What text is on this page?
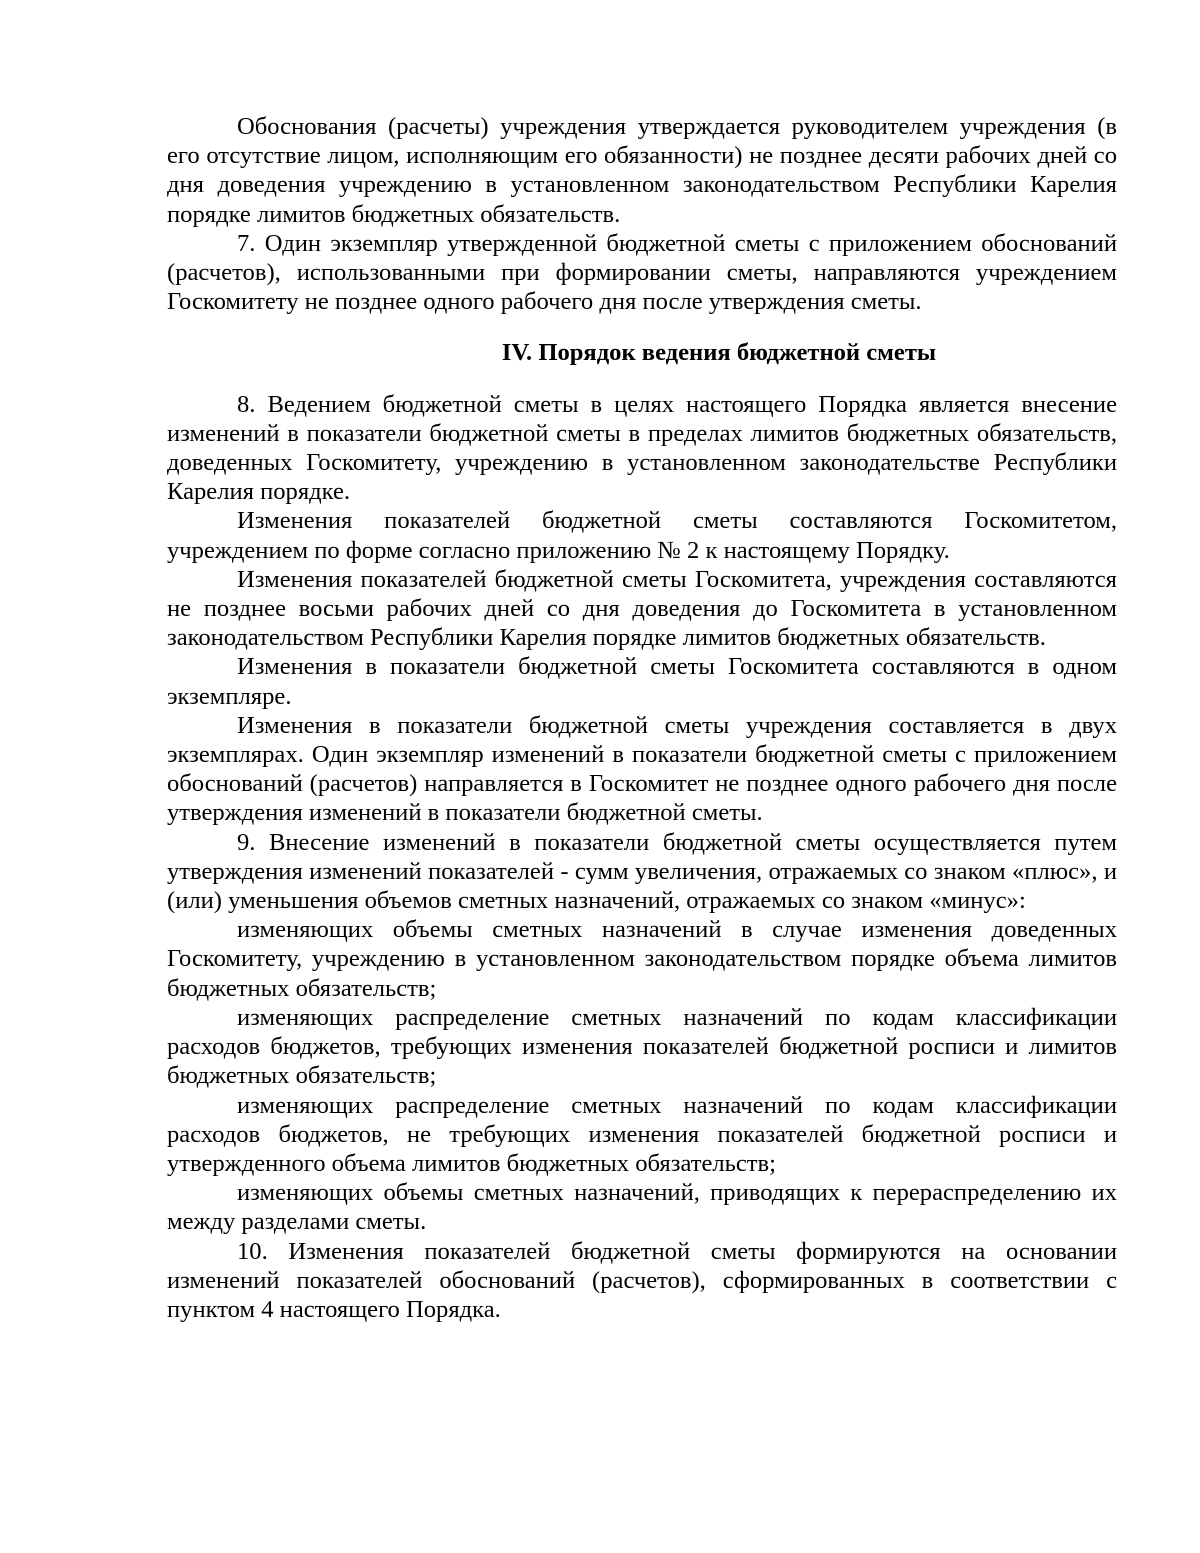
Обоснования (расчеты) учреждения утверждается руководителем учреждения (в его отсутствие лицом, исполняющим его обязанности) не позднее десяти рабочих дней со дня доведения учреждению в установленном законодательством Республики Карелия порядке лимитов бюджетных обязательств.

7. Один экземпляр утвержденной бюджетной сметы с приложением обоснований (расчетов), использованными при формировании сметы, направляются учреждением Госкомитету не позднее одного рабочего дня после утверждения сметы.

IV. Порядок ведения бюджетной сметы

8. Ведением бюджетной сметы в целях настоящего Порядка является внесение изменений в показатели бюджетной сметы в пределах лимитов бюджетных обязательств, доведенных Госкомитету, учреждению в установленном законодательстве Республики Карелия порядке.

Изменения показателей бюджетной сметы составляются Госкомитетом, учреждением по форме согласно приложению № 2 к настоящему Порядку.

Изменения показателей бюджетной сметы Госкомитета, учреждения составляются не позднее восьми рабочих дней со дня доведения до Госкомитета в установленном законодательством Республики Карелия порядке лимитов бюджетных обязательств.

Изменения в показатели бюджетной сметы Госкомитета составляются в одном экземпляре.

Изменения в показатели бюджетной сметы учреждения составляется в двух экземплярах. Один экземпляр изменений в показатели бюджетной сметы с приложением обоснований (расчетов) направляется в Госкомитет не позднее одного рабочего дня после утверждения изменений в показатели бюджетной сметы.

9. Внесение изменений в показатели бюджетной сметы осуществляется путем утверждения изменений показателей - сумм увеличения, отражаемых со знаком «плюс», и (или) уменьшения объемов сметных назначений, отражаемых со знаком «минус»:

изменяющих объемы сметных назначений в случае изменения доведенных Госкомитету, учреждению в установленном законодательством порядке объема лимитов бюджетных обязательств;

изменяющих распределение сметных назначений по кодам классификации расходов бюджетов, требующих изменения показателей бюджетной росписи и лимитов бюджетных обязательств;

изменяющих распределение сметных назначений по кодам классификации расходов бюджетов, не требующих изменения показателей бюджетной росписи и утвержденного объема лимитов бюджетных обязательств;

изменяющих объемы сметных назначений, приводящих к перераспределению их между разделами сметы.

10. Изменения показателей бюджетной сметы формируются на основании изменений показателей обоснований (расчетов), сформированных в соответствии с пунктом 4 настоящего Порядка.
